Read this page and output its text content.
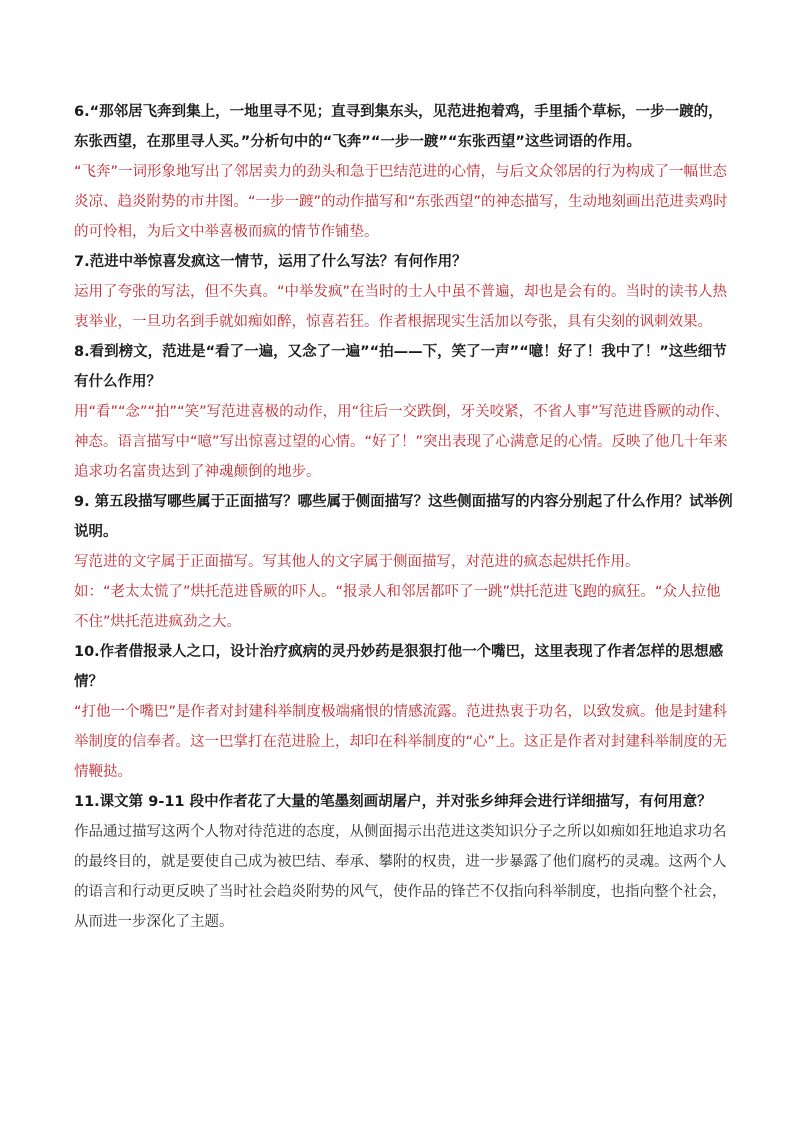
6.“那邻居飞奔到集上，一地里寻不见；直寻到集东头，见范进抱着鸡，手里插个草标，一步一踱的，东张西望，在那里寻人买。”分析句中的“飞奔”“一步一踱”“东张西望”这些词语的作用。

“飞奔”一词形象地写出了邻居卖力的劲头和急于巴结范进的心情，与后文众邻居的行为构成了一幅世态炎凉、趋炎附势的市井图。“一步一踱”的动作描写和“东张西望”的神态描写，生动地刻画出范进卖鸡时的可怜相，为后文中举喜极而疯的情节作铺垫。

7.范进中举惊喜发疯这一情节，运用了什么写法？有何作用？

运用了夸张的写法，但不失真。“中举发疯”在当时的士人中虽不普遍，却也是会有的。当时的读书人热衷举业，一旦功名到手就如痴如醉，惊喜若狂。作者根据现实生活加以夸张，具有尖刻的讽刺效果。

8.看到榜文，范进是“看了一遍，又念了一遍”“拍——下，笑了一声”“噫！好了！我中了！”这些细节有什么作用？

用“看”“念”“拍”“笑”写范进喜极的动作，用“往后一交跌倒，牙关咬紧，不省人事”写范进昏厥的动作、神态。语言描写中“噫”写出惊喜过望的心情。“好了！”突出表现了心满意足的心情。反映了他几十年来追求功名富贵达到了神魂颠倒的地步。

9. 第五段描写哪些属于正面描写？哪些属于侧面描写？这些侧面描写的内容分别起了什么作用？试举例说明。

写范进的文字属于正面描写。写其他人的文字属于侧面描写，对范进的疯态起烘托作用。

如：“老太太慌了”烘托范进昏厥的吓人。“报录人和邻居都吓了一跳”烘托范进飞跑的疯狂。“众人拉他不住”烘托范进疯劲之大。

10.作者借报录人之口，设计治疗疯病的灵丹妙药是狠狠打他一个嘴巴，这里表现了作者怎样的思想感情？

“打他一个嘴巴”是作者对封建科举制度极端痛恨的情感流露。范进热衷于功名，以致发疯。他是封建科举制度的信奉者。这一巴掌打在范进脸上，却印在科举制度的“心”上。这正是作者对封建科举制度的无情鞭挞。

11.课文第 9-11 段中作者花了大量的笔墨刻画胡屠户，并对张乡绅拜会进行详细描写，有何用意？

作品通过描写这两个人物对待范进的态度，从侧面揭示出范进这类知识分子之所以如痴如狂地追求功名的最终目的，就是要使自己成为被巴结、奉承、攀附的权贵，进一步暴露了他们腐朽的灵魂。这两个人的语言和行动更反映了当时社会趋炎附势的风气，使作品的锋芒不仅指向科举制度，也指向整个社会，从而进一步深化了主题。
